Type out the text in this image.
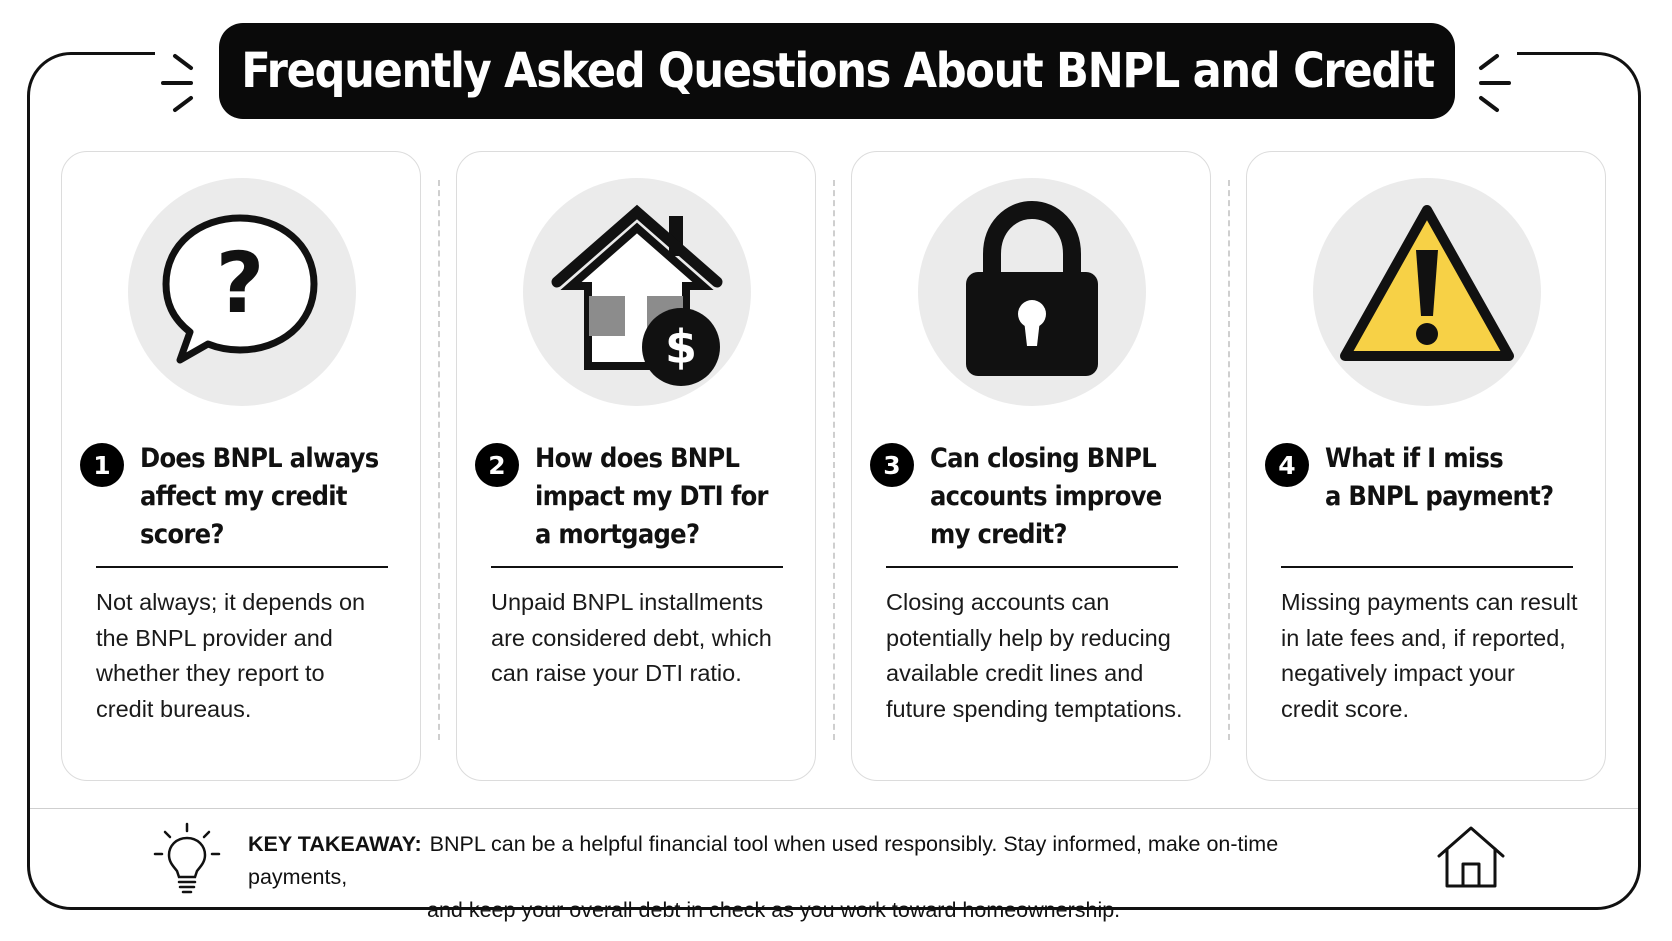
Frequently Asked Questions About BNPL and Credit
?
1	Does BNPL always
affect my credit score?
Not always; it depends on
the BNPL provider and
whether they report to
credit bureaus.
$
2	How does BNPL
impact my DTI for
a mortgage?
Unpaid BNPL installments
are considered debt, which
can raise your DTI ratio.
3	Can closing BNPL
accounts improve
my credit?
Closing accounts can
potentially help by reducing
available credit lines and
future spending temptations.
4	What if I miss
a BNPL payment?
Missing payments can result
in late fees and, if reported,
negatively impact your
credit score.
KEY TAKEAWAY: BNPL can be a helpful financial tool when used responsibly. Stay informed, make on-time payments,
and keep your overall debt in check as you work toward homeownership.
